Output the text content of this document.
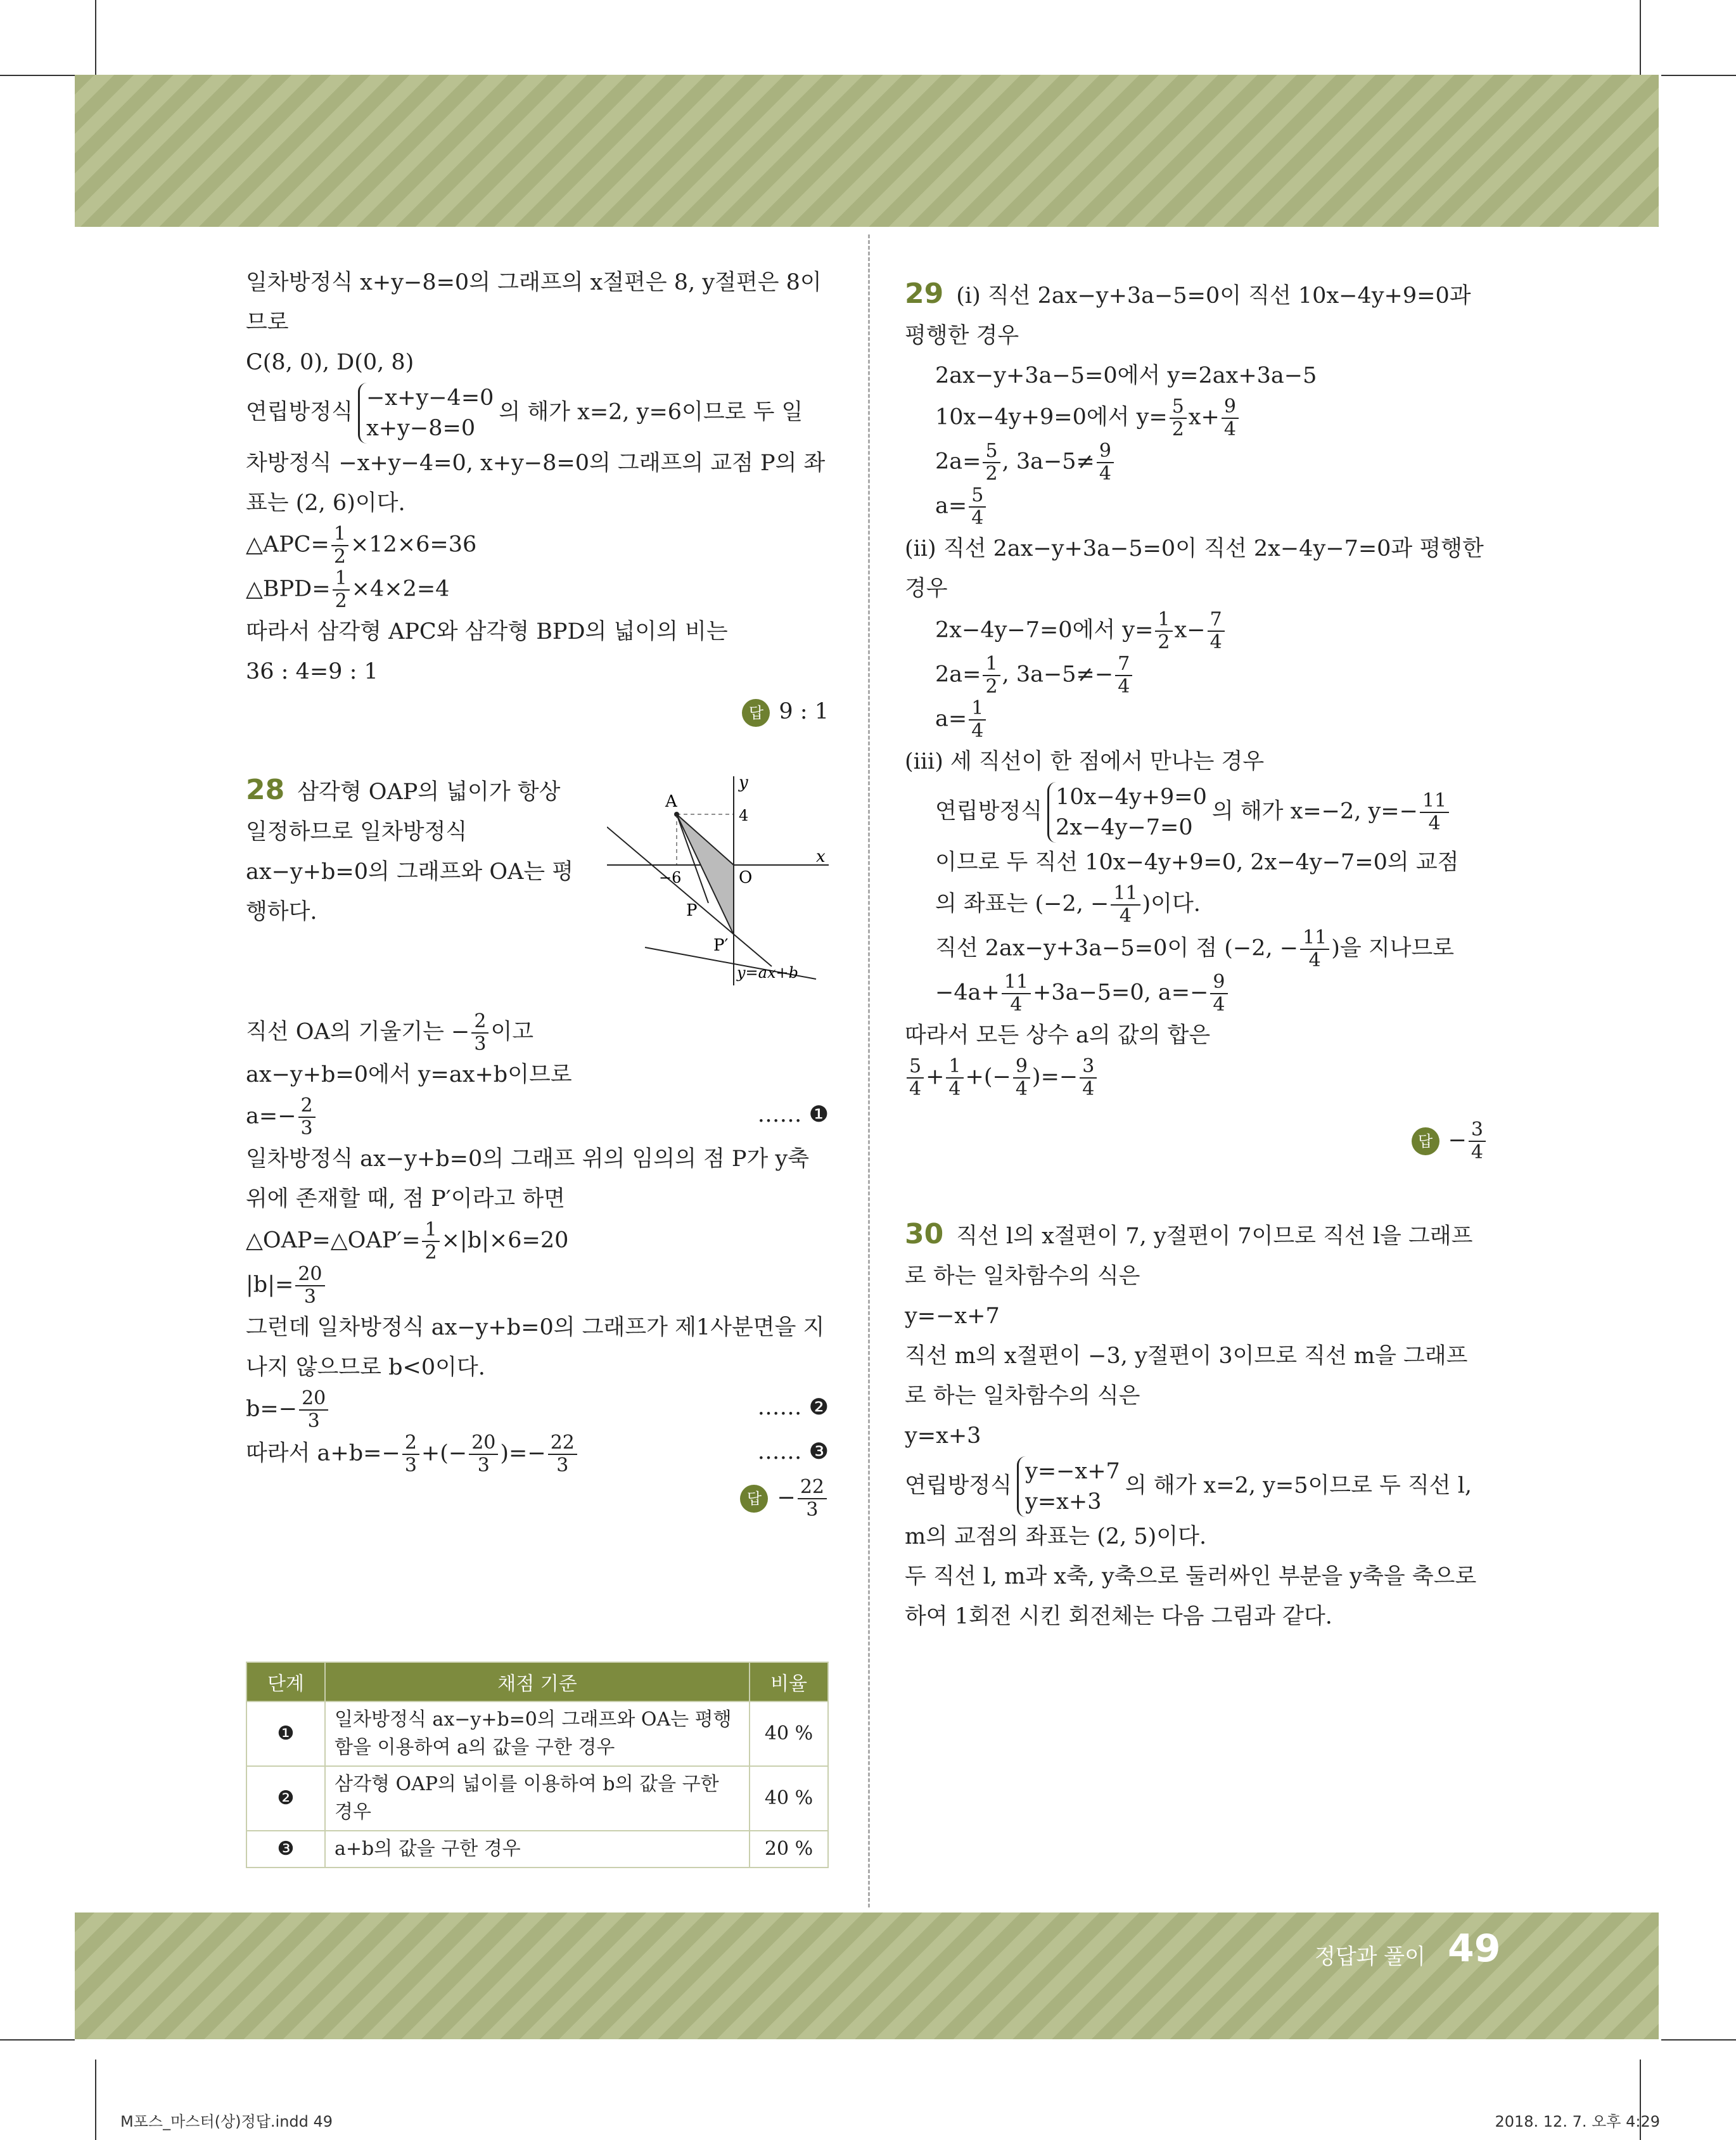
일차방정식 x+y−8=0의 그래프의 x절편은 8, y절편은 8이므로

C(8, 0), D(0, 8)

연립방정식−x+y−4=0
x+y−8=0의 해가 x=2, y=6이므로 두 일

차방정식 −x+y−4=0, x+y−8=0의 그래프의 교점 P의 좌표는 (2, 6)이다.

△APC= $\frac{1}{2} \times 12\times 6=36$

△BPD= $\frac{1}{2} \times 4\times 2=4$

따라서 삼각형 APC와 삼각형 BPD의 넓이의 비는

36 : 4=9 : 1

답 9 : 1

28 삼각형 OAP의 넓이가 항상 일정하므로 일차방정식 ax−y+b=0의 그래프와 OA는 평행하다.

y
x
A
O
P
P′
4
−6
y=ax+b

직선 OA의 기울기는 − $\frac{2}{3}$ 이고

ax−y+b=0에서 y=ax+b이므로

$a=- \frac{2}{3}$	…… ❶

일차방정식 ax−y+b=0의 그래프 위의 임의의 점 P가 y축 위에 존재할 때, 점 P′이라고 하면

△OAP=△OAP′= $\frac{1}{2} \times|b|\times 6=20$

$|b|= \frac{20}{3}$

그런데 일차방정식 ax−y+b=0의 그래프가 제1사분면을 지나지 않으므로 b<0이다.

$b=- \frac{20}{3}$	…… ❷

따라서 $a+b=- \frac{2}{3}$ +(− $\frac{20}{3}$ )=− $\frac{22}{3}$	…… ❸

답 − $\frac{22}{3}$

단계	채점 기준	비율
❶	일차방정식 ax−y+b=0의 그래프와 OA는 평행함을 이용하여 a의 값을 구한 경우	40 %
❷	삼각형 OAP의 넓이를 이용하여 b의 값을 구한 경우	40 %
❸	a+b의 값을 구한 경우	20 %

29 (ⅰ) 직선 2ax−y+3a−5=0이 직선 10x−4y+9=0과 평행한 경우

2ax−y+3a−5=0에서 y=2ax+3a−5

10x−4y+9=0에서 $y= \frac{5}{2} x+ \frac{9}{4}$

$2a= \frac{5}{2}$ , $3a-5\ne \frac{9}{4}$

$a= \frac{5}{4}$

(ⅱ) 직선 2ax−y+3a−5=0이 직선 2x−4y−7=0과 평행한 경우

2x−4y−7=0에서 $y= \frac{1}{2} x- \frac{7}{4}$

$2a= \frac{1}{2}$ , $3a-5\ne- \frac{7}{4}$

$a= \frac{1}{4}$

(ⅲ) 세 직선이 한 점에서 만나는 경우

연립방정식10x−4y+9=0
2x−4y−7=0의 해가 x=−2, $y=- \frac{11}{4}$

이므로 두 직선 10x−4y+9=0, 2x−4y−7=0의 교점

의 좌표는 (−2, − $\frac{11}{4}$ )이다.

직선 2ax−y+3a−5=0이 점 (−2, − $\frac{11}{4}$ )을 지나므로

$-4a+ \frac{11}{4} +3a-5=0$, $a=- \frac{9}{4}$

따라서 모든 상수 a의 값의 합은

$\frac{5}{4} + \frac{1}{4}$ +(− $\frac{9}{4}$ )=− $\frac{3}{4}$

답 − $\frac{3}{4}$

30 직선 l의 x절편이 7, y절편이 7이므로 직선 l을 그래프로 하는 일차함수의 식은

y=−x+7

직선 m의 x절편이 −3, y절편이 3이므로 직선 m을 그래프로 하는 일차함수의 식은

y=x+3

연립방정식y=−x+7
y=x+3의 해가 x=2, y=5이므로 두 직선 l,

m의 교점의 좌표는 (2, 5)이다.

두 직선 l, m과 x축, y축으로 둘러싸인 부분을 y축을 축으로 하여 1회전 시킨 회전체는 다음 그림과 같다.

정답과 풀이 49
M포스_마스터(상)정답.indd 49	2018. 12. 7. 오후 4:29
